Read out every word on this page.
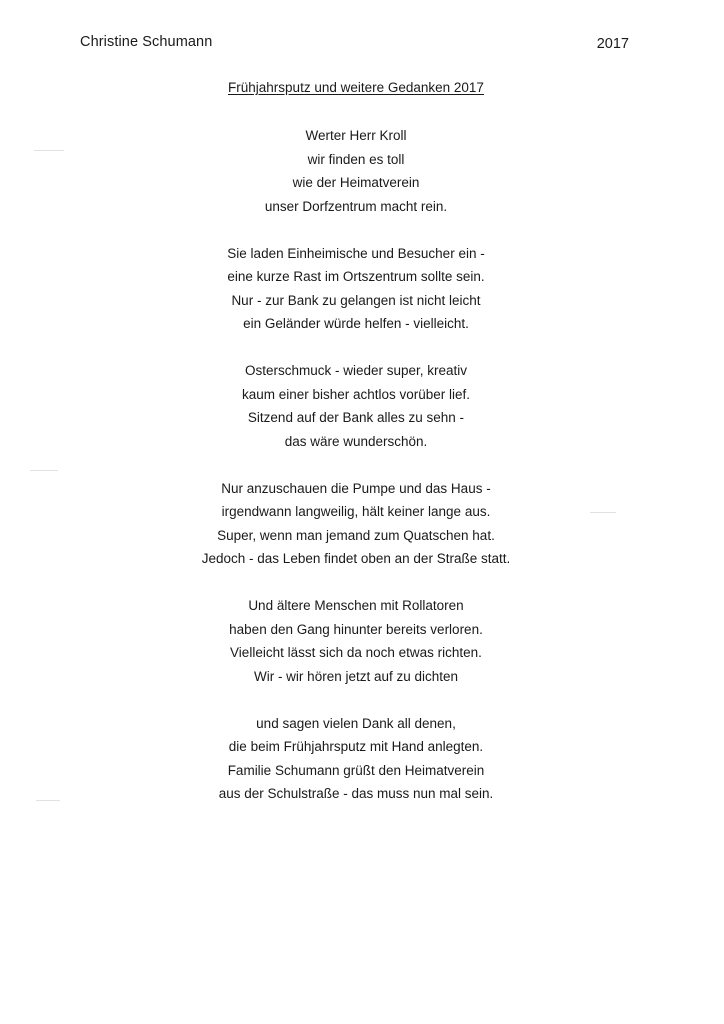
Christine Schumann	2017
Frühjahrsputz und weitere Gedanken 2017
Werter Herr Kroll
wir finden es toll
wie der Heimatverein
unser Dorfzentrum macht rein.
Sie laden Einheimische und Besucher ein -
eine kurze Rast im Ortszentrum sollte sein.
Nur - zur Bank zu gelangen ist nicht leicht
ein Geländer würde helfen - vielleicht.
Osterschmuck - wieder super, kreativ
kaum einer bisher achtlos vorüber lief.
Sitzend auf der Bank alles zu sehn -
das wäre wunderschön.
Nur anzuschauen die Pumpe und das Haus -
irgendwann langweilig, hält keiner lange aus.
Super, wenn man jemand zum Quatschen hat.
Jedoch - das Leben findet oben an der Straße statt.
Und ältere Menschen mit Rollatoren
haben den Gang hinunter bereits verloren.
Vielleicht lässt sich da noch etwas richten.
Wir - wir hören jetzt auf zu dichten
und sagen vielen Dank all denen,
die beim Frühjahrsputz mit Hand anlegten.
Familie Schumann grüßt den Heimatverein
aus der Schulstraße - das muss nun mal sein.
